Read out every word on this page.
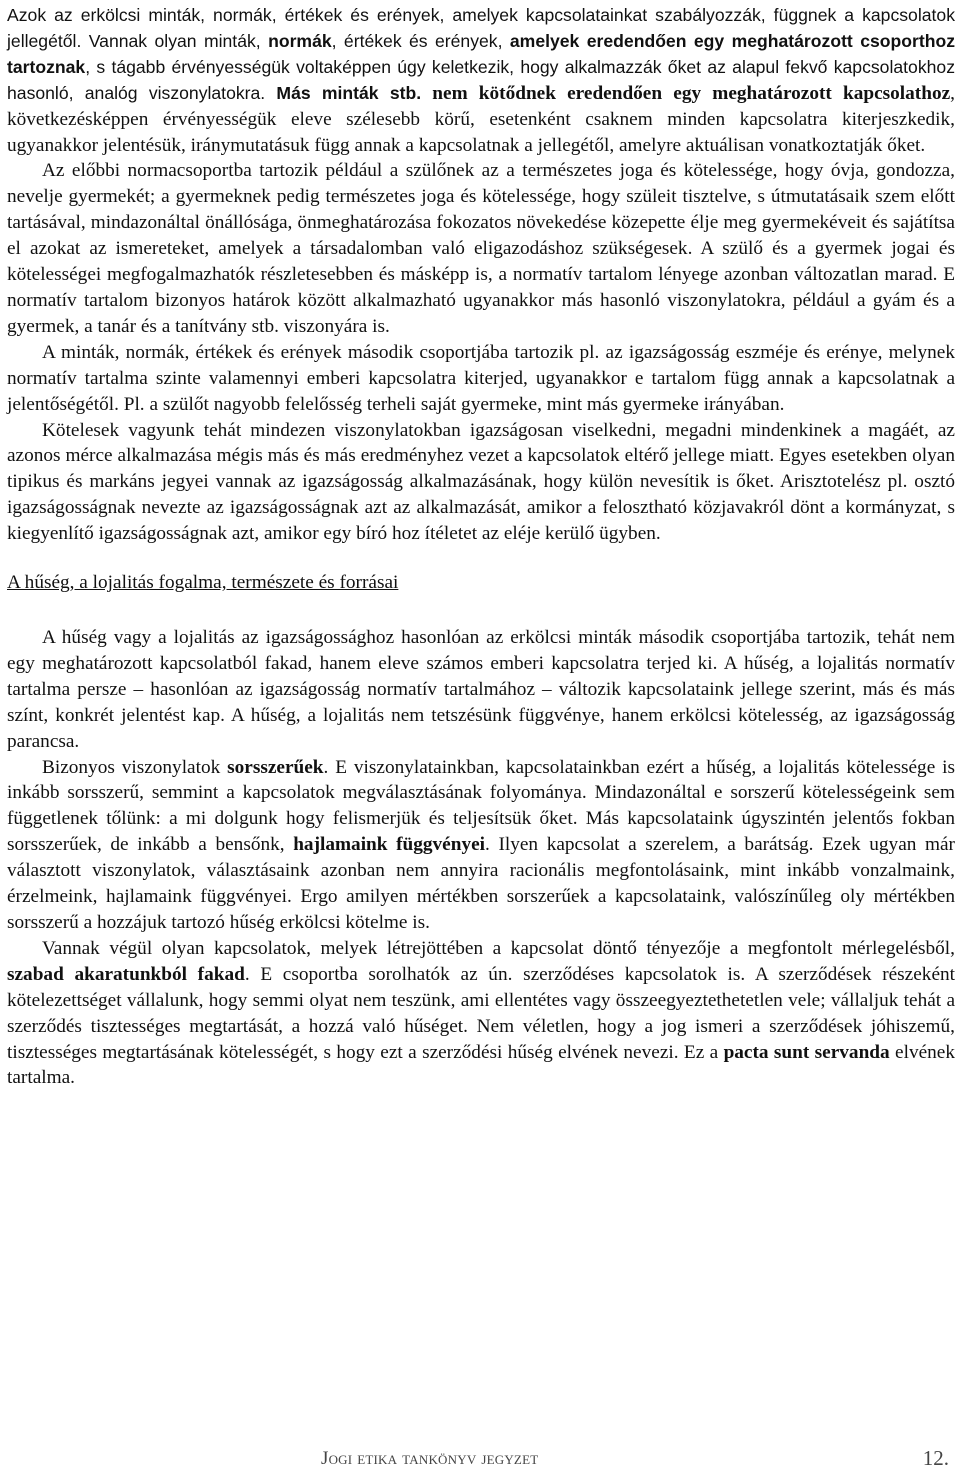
Azok az erkölcsi minták, normák, értékek és erények, amelyek kapcsolatainkat szabályozzák, függnek a kapcsolatok jellegétől. Vannak olyan minták, normák, értékek és erények, amelyek eredendően egy meghatározott csoporthoz tartoznak, s tágabb érvényességük voltaképpen úgy keletkezik, hogy alkalmazzák őket az alapul fekvő kapcsolatokhoz hasonló, analóg viszonylatokra. Más minták stb. nem kötődnek eredendően egy meghatározott kapcsolathoz, következésképpen érvényességük eleve szélesebb körű, esetenként csaknem minden kapcsolatra kiterjeszkedik, ugyanakkor jelentésük, iránymutatásuk függ annak a kapcsolatnak a jellegétől, amelyre aktuálisan vonatkoztatják őket.

Az előbbi normacsoportba tartozik például a szülőnek az a természetes joga és kötelessége, hogy óvja, gondozza, nevelje gyermekét; a gyermeknek pedig természetes joga és kötelessége, hogy szüleit tisztelve, s útmutatásaik szem előtt tartásával, mindazonáltal önállósága, önmeghatározása fokozatos növekedése közepette élje meg gyermekéveit és sajátítsa el azokat az ismereteket, amelyek a társadalomban való eligazodáshoz szükségesek. A szülő és a gyermek jogai és kötelességei megfogalmazhatók részletesebben és másképp is, a normatív tartalom lényege azonban változatlan marad. E normatív tartalom bizonyos határok között alkalmazható ugyanakkor más hasonló viszonylatokra, például a gyám és a gyermek, a tanár és a tanítvány stb. viszonyára is.

A minták, normák, értékek és erények második csoportjába tartozik pl. az igazságosság eszméje és erénye, melynek normatív tartalma szinte valamennyi emberi kapcsolatra kiterjed, ugyanakkor e tartalom függ annak a kapcsolatnak a jelentőségétől. Pl. a szülőt nagyobb felelősség terheli saját gyermeke, mint más gyermeke irányában.

Kötelesek vagyunk tehát mindezen viszonylatokban igazságosan viselkedni, megadni mindenkinek a magáét, az azonos mérce alkalmazása mégis más és más eredményhez vezet a kapcsolatok eltérő jellege miatt. Egyes esetekben olyan tipikus és markáns jegyei vannak az igazságosság alkalmazásának, hogy külön nevesítik is őket. Arisztotelész pl. osztó igazságosságnak nevezte az igazságosságnak azt az alkalmazását, amikor a felosztható közjavakról dönt a kormányzat, s kiegyenlítő igazságosságnak azt, amikor egy bíró hoz ítéletet az eléje kerülő ügyben.

A hűség, a lojalitás fogalma, természete és forrásai

A hűség vagy a lojalitás az igazságossághoz hasonlóan az erkölcsi minták második csoportjába tartozik, tehát nem egy meghatározott kapcsolatból fakad, hanem eleve számos emberi kapcsolatra terjed ki. A hűség, a lojalitás normatív tartalma persze – hasonlóan az igazságosság normatív tartalmához – változik kapcsolataink jellege szerint, más és más színt, konkrét jelentést kap. A hűség, a lojalitás nem tetszésünk függvénye, hanem erkölcsi kötelesség, az igazságosság parancsa.

Bizonyos viszonylatok sorsszerűek. E viszonylatainkban, kapcsolatainkban ezért a hűség, a lojalitás kötelessége is inkább sorsszerű, semmint a kapcsolatok megválasztásának folyománya. Mindazonáltal e sorszerű kötelességeink sem függetlenek tőlünk: a mi dolgunk hogy felismerjük és teljesítsük őket. Más kapcsolataink úgyszintén jelentős fokban sorsszerűek, de inkább a bensőnk, hajlamaink függvényei. Ilyen kapcsolat a szerelem, a barátság. Ezek ugyan már választott viszonylatok, választásaink azonban nem annyira racionális megfontolásaink, mint inkább vonzalmaink, érzelmeink, hajlamaink függvényei. Ergo amilyen mértékben sorszerűek a kapcsolataink, valószínűleg oly mértékben sorsszerű a hozzájuk tartozó hűség erkölcsi kötelme is.

Vannak végül olyan kapcsolatok, melyek létrejöttében a kapcsolat döntő tényezője a megfontolt mérlegelésből, szabad akaratunkból fakad. E csoportba sorolhatók az ún. szerződéses kapcsolatok is. A szerződések részeként kötelezettséget vállalunk, hogy semmi olyat nem teszünk, ami ellentétes vagy összeegyeztethetetlen vele; vállaljuk tehát a szerződés tisztességes megtartását, a hozzá való hűséget. Nem véletlen, hogy a jog ismeri a szerződések jóhiszemű, tisztességes megtartásának kötelességét, s hogy ezt a szerződési hűség elvének nevezi. Ez a pacta sunt servanda elvének tartalma.

Jogi etika tankönyv jegyzet	12.
